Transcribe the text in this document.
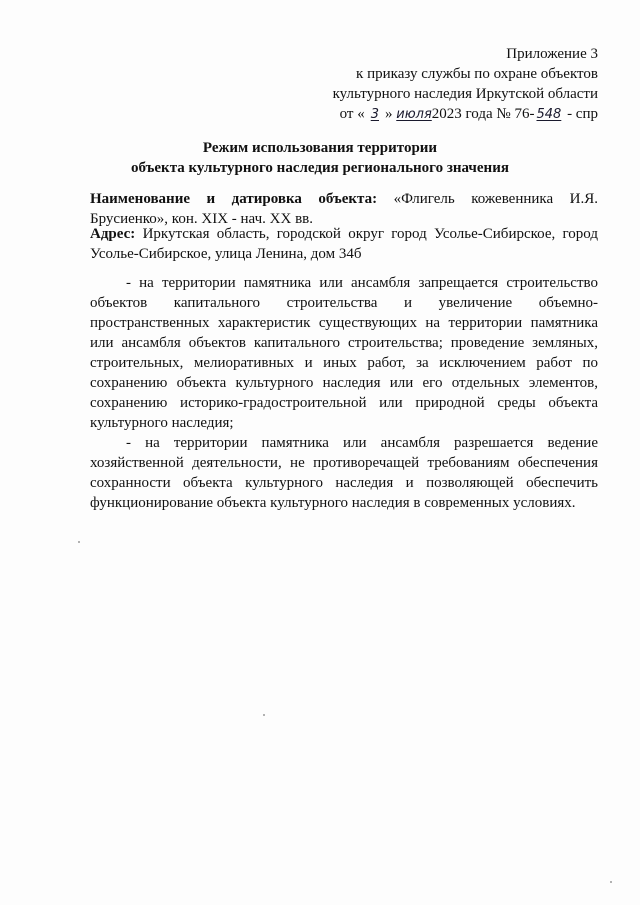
Приложение 3
к приказу службы по охране объектов
культурного наследия Иркутской области
от « 3 » июля2023 года № 76- 548 - спр
Режим использования территории
объекта культурного наследия регионального значения
Наименование и датировка объекта: «Флигель кожевенника И.Я. Брусиенко», кон. XIX - нач. XX вв.
Адрес: Иркутская область, городской округ город Усолье-Сибирское, город Усолье-Сибирское, улица Ленина, дом 34б

- на территории памятника или ансамбля запрещается строительство объектов капитального строительства и увеличение объемно-пространственных характеристик существующих на территории памятника или ансамбля объектов капитального строительства; проведение земляных, строительных, мелиоративных и иных работ, за исключением работ по сохранению объекта культурного наследия или его отдельных элементов, сохранению историко-градостроительной или природной среды объекта культурного наследия;

- на территории памятника или ансамбля разрешается ведение хозяйственной деятельности, не противоречащей требованиям обеспечения сохранности объекта культурного наследия и позволяющей обеспечить функционирование объекта культурного наследия в современных условиях.
